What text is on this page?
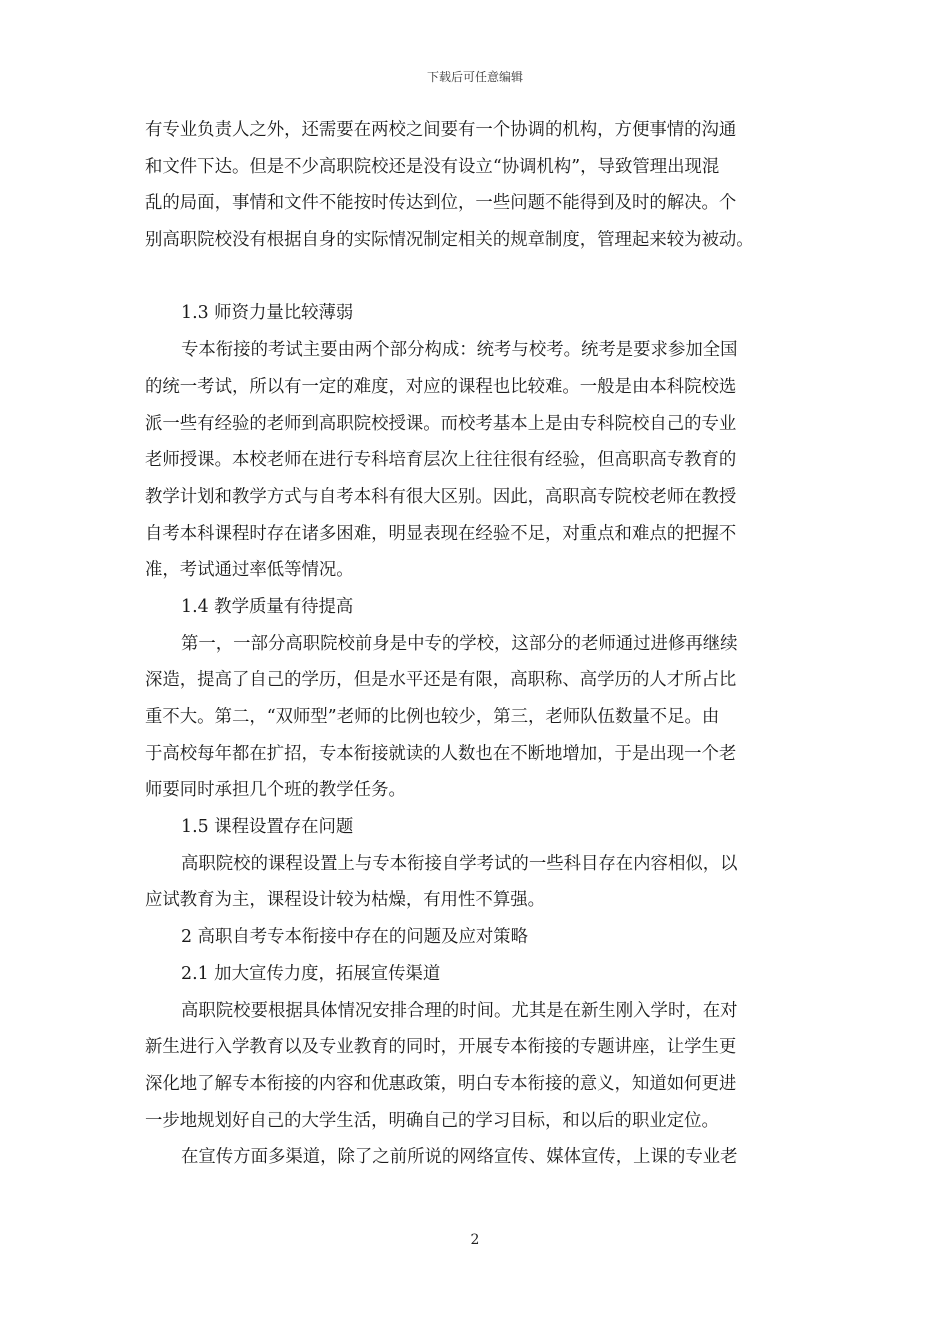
下载后可任意编辑
有专业负责人之外，还需要在两校之间要有一个协调的机构，方便事情的沟通
和文件下达。但是不少高职院校还是没有设立“协调机构”，导致管理出现混
乱的局面，事情和文件不能按时传达到位，一些问题不能得到及时的解决。个
别高职院校没有根据自身的实际情况制定相关的规章制度，管理起来较为被动。
1.3 师资力量比较薄弱
专本衔接的考试主要由两个部分构成：统考与校考。统考是要求参加全国
的统一考试，所以有一定的难度，对应的课程也比较难。一般是由本科院校选
派一些有经验的老师到高职院校授课。而校考基本上是由专科院校自己的专业
老师授课。本校老师在进行专科培育层次上往往很有经验，但高职高专教育的
教学计划和教学方式与自考本科有很大区别。因此，高职高专院校老师在教授
自考本科课程时存在诸多困难，明显表现在经验不足，对重点和难点的把握不
准，考试通过率低等情况。
1.4 教学质量有待提高
第一，一部分高职院校前身是中专的学校，这部分的老师通过进修再继续
深造，提高了自己的学历，但是水平还是有限，高职称、高学历的人才所占比
重不大。第二，“双师型”老师的比例也较少，第三，老师队伍数量不足。由
于高校每年都在扩招，专本衔接就读的人数也在不断地增加，于是出现一个老
师要同时承担几个班的教学任务。
1.5 课程设置存在问题
高职院校的课程设置上与专本衔接自学考试的一些科目存在内容相似，以
应试教育为主，课程设计较为枯燥，有用性不算强。
2 高职自考专本衔接中存在的问题及应对策略
2.1 加大宣传力度，拓展宣传渠道
高职院校要根据具体情况安排合理的时间。尤其是在新生刚入学时，在对
新生进行入学教育以及专业教育的同时，开展专本衔接的专题讲座，让学生更
深化地了解专本衔接的内容和优惠政策，明白专本衔接的意义，知道如何更进
一步地规划好自己的大学生活，明确自己的学习目标，和以后的职业定位。
在宣传方面多渠道，除了之前所说的网络宣传、媒体宣传，上课的专业老
2
